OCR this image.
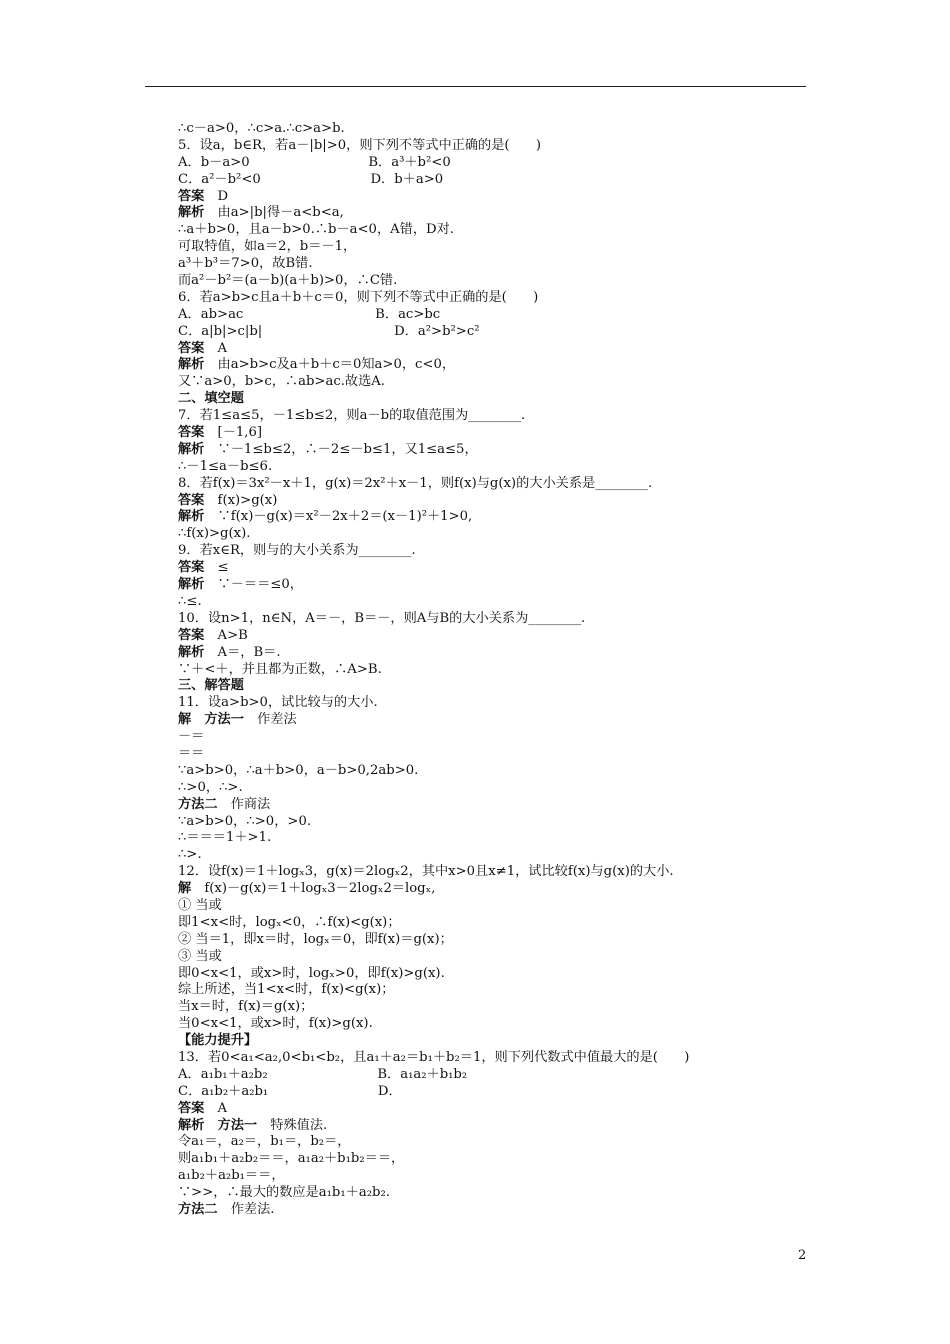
∴c－a>0，∴c>a.∴c>a>b.
5．设a，b∈R，若a－|b|>0，则下列不等式中正确的是(　　)
A．b－a>0　　　　　　　　　B．a³＋b²<0
C．a²－b²<0　　　　　　　　 D．b＋a>0
答案　D
解析　由a>|b|得－a<b<a,
∴a＋b>0，且a－b>0.∴b－a<0，A错，D对.
可取特值，如a＝2，b＝－1，
a³＋b³＝7>0，故B错.
而a²－b²＝(a－b)(a＋b)>0，∴C错.
6．若a>b>c且a＋b＋c＝0，则下列不等式中正确的是(　　)
A．ab>ac　　　　　　　　　　B．ac>bc
C．a|b|>c|b|　　　　　　　　　　D．a²>b²>c²
答案　A
解析　由a>b>c及a＋b＋c＝0知a>0，c<0，
又∵a>0，b>c，∴ab>ac.故选A.
二、填空题
7．若1≤a≤5，－1≤b≤2，则a－b的取值范围为________.
答案　[－1,6]
解析　∵－1≤b≤2，∴－2≤－b≤1，又1≤a≤5，
∴－1≤a－b≤6.
8．若f(x)＝3x²－x＋1，g(x)＝2x²＋x－1，则f(x)与g(x)的大小关系是________.
答案　f(x)>g(x)
解析　∵f(x)－g(x)＝x²－2x＋2＝(x－1)²＋1>0,
∴f(x)>g(x).
9．若x∈R，则与的大小关系为________.
答案　≤
解析　∵－＝＝≤0，
∴≤.
10．设n>1，n∈N，A＝－，B＝－，则A与B的大小关系为________.
答案　A>B
解析　A＝，B＝.
∵＋<＋，并且都为正数，∴A>B.
三、解答题
11．设a>b>0，试比较与的大小.
解　方法一　作差法
－＝
＝＝
∵a>b>0，∴a＋b>0，a－b>0,2ab>0.
∴>0，∴>.
方法二　作商法
∵a>b>0，∴>0，>0.
∴＝＝＝1＋>1.
∴>.
12．设f(x)＝1＋logₓ3，g(x)＝2logₓ2，其中x>0且x≠1，试比较f(x)与g(x)的大小.
解　f(x)－g(x)＝1＋logₓ3－2logₓ2＝logₓ,
① 当或
即1<x<时，logₓ<0，∴f(x)<g(x)；
② 当＝1，即x＝时，logₓ＝0，即f(x)＝g(x)；
③ 当或
即0<x<1，或x>时，logₓ>0，即f(x)>g(x).
综上所述，当1<x<时，f(x)<g(x)；
当x＝时，f(x)＝g(x)；
当0<x<1，或x>时，f(x)>g(x).
【能力提升】
13．若0<a₁<a₂,0<b₁<b₂，且a₁＋a₂＝b₁＋b₂＝1，则下列代数式中值最大的是(　　)
A．a₁b₁＋a₂b₂　　　　　　　　 B．a₁a₂＋b₁b₂
C．a₁b₂＋a₂b₁　　　　　　　　 D．
答案　A
解析　方法一　特殊值法.
令a₁＝，a₂＝，b₁＝，b₂＝，
则a₁b₁＋a₂b₂＝＝，a₁a₂＋b₁b₂＝＝，
a₁b₂＋a₂b₁＝＝，
∵>>，∴最大的数应是a₁b₁＋a₂b₂.
方法二　作差法.
2
